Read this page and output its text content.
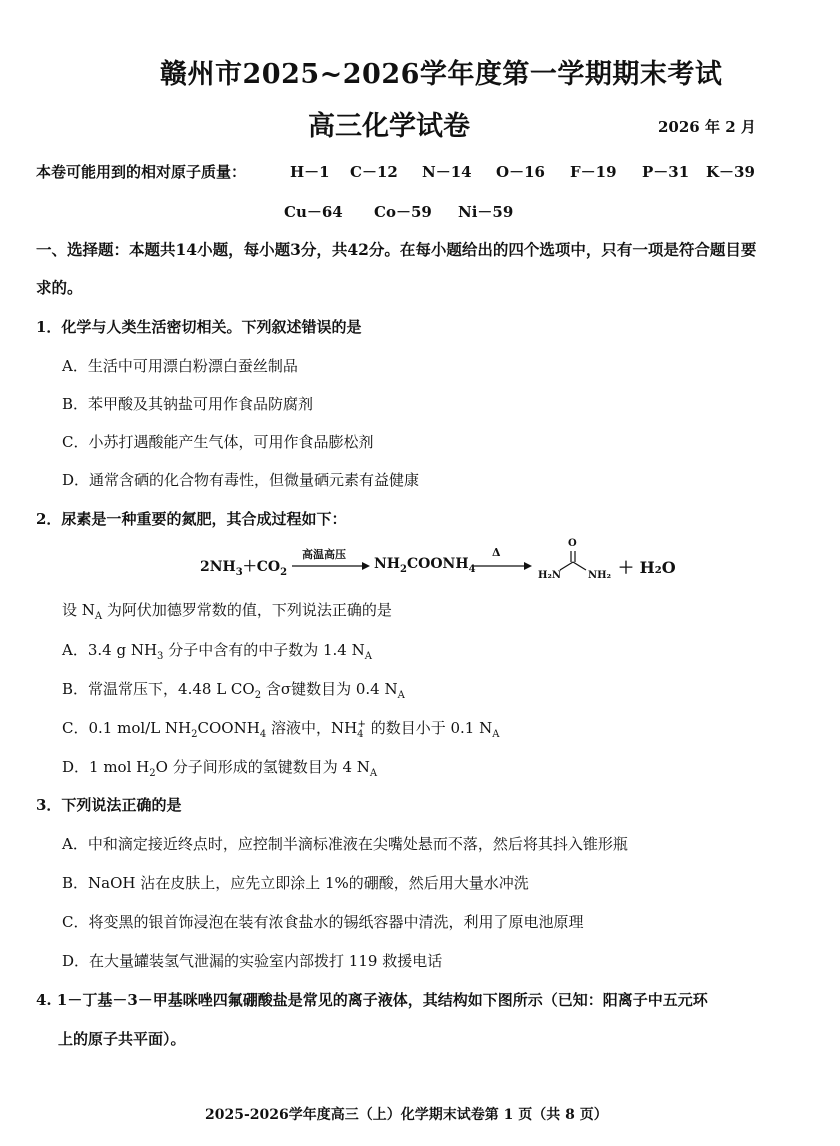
赣州市2025~2026学年度第一学期期末考试
高三化学试卷	2026 年 2 月
本卷可能用到的相对原子质量：	H－1 C－12 N－14 O－16 F－19 P－31 K－39
Cu－64 Co－59 Ni－59
一、选择题：本题共14小题，每小题3分，共42分。在每小题给出的四个选项中，只有一项是符合题目要
求的。
1．化学与人类生活密切相关。下列叙述错误的是
A．生活中可用漂白粉漂白蚕丝制品
B．苯甲酸及其钠盐可用作食品防腐剂
C．小苏打遇酸能产生气体，可用作食品膨松剂
D．通常含硒的化合物有毒性，但微量硒元素有益健康
2．尿素是一种重要的氮肥，其合成过程如下：
$2NH_3+CO_2$
高温高压
$NH_2COONH_4$
Δ
O
H₂N	NH₂ ＋ H₂O
设 $N_A$ 为阿伏加德罗常数的值，下列说法正确的是
A．3.4 g $NH_3$ 分子中含有的中子数为 1.4 $N_A$
B．常温常压下，4.48 L $CO_2$ 含σ键数目为 0.4 $N_A$
C．0.1 mol/L $NH_2COONH_4$ 溶液中，$NH_4^+$ 的数目小于 0.1 $N_A$
D．1 mol $H_2O$ 分子间形成的氢键数目为 4 $N_A$
3．下列说法正确的是
A．中和滴定接近终点时，应控制半滴标准液在尖嘴处悬而不落，然后将其抖入锥形瓶
B．NaOH 沾在皮肤上，应先立即涂上 1%的硼酸，然后用大量水冲洗
C．将变黑的银首饰浸泡在装有浓食盐水的锡纸容器中清洗，利用了原电池原理
D．在大量罐装氢气泄漏的实验室内部拨打 119 救援电话
4. 1－丁基－3－甲基咪唑四氟硼酸盐是常见的离子液体，其结构如下图所示（已知：阳离子中五元环
上的原子共平面）。
2025-2026学年度高三（上）化学期末试卷第 1 页（共 8 页）
